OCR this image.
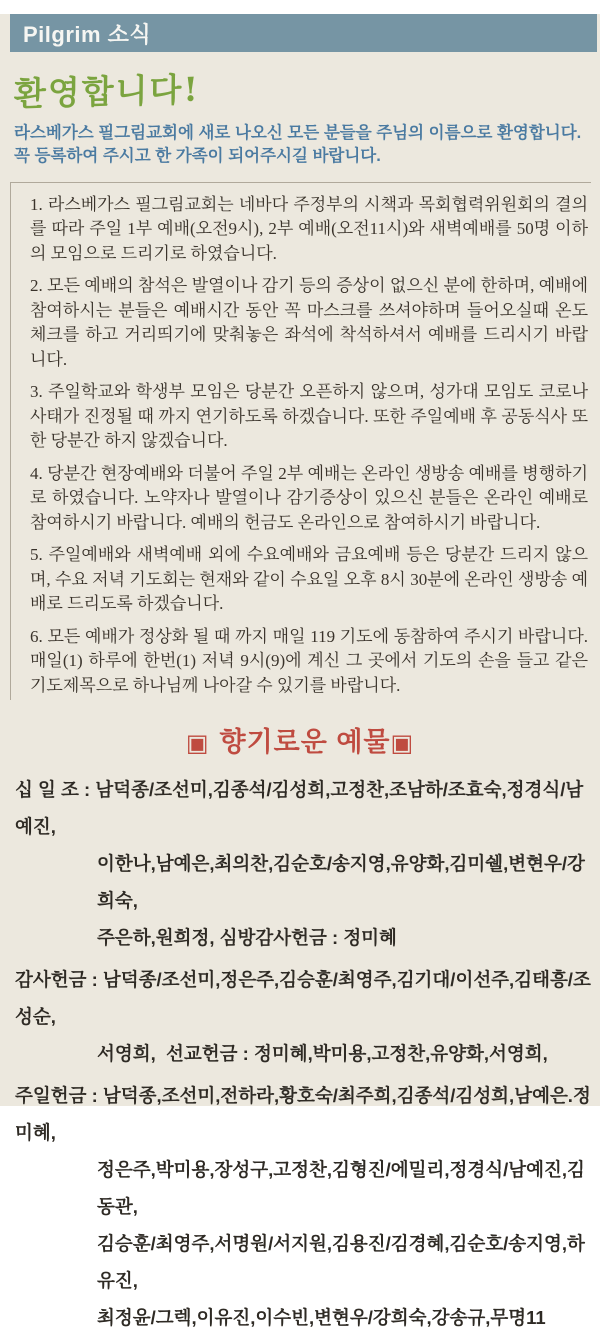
Pilgrim 소식
환영합니다!
라스베가스 필그림교회에 새로 나오신 모든 분들을 주님의 이름으로 환영합니다.
꼭 등록하여 주시고 한 가족이 되어주시길 바랍니다.

1. 라스베가스 필그림교회는 네바다 주정부의 시책과 목회협력위원회의 결의를 따라 주일 1부 예배(오전9시), 2부 예배(오전11시)와 새벽예배를 50명 이하의 모임으로 드리기로 하였습니다.

2. 모든 예배의 참석은 발열이나 감기 등의 증상이 없으신 분에 한하며, 예배에 참여하시는 분들은 예배시간 동안 꼭 마스크를 쓰셔야하며 들어오실때 온도체크를 하고 거리띄기에 맞춰놓은 좌석에 착석하셔서 예배를 드리시기 바랍니다.

3. 주일학교와 학생부 모임은 당분간 오픈하지 않으며, 성가대 모임도 코로나 사태가 진정될 때 까지 연기하도록 하겠습니다. 또한 주일예배 후 공동식사 또한 당분간 하지 않겠습니다.

4. 당분간 현장예배와 더불어 주일 2부 예배는 온라인 생방송 예배를 병행하기로 하였습니다. 노약자나 발열이나 감기증상이 있으신 분들은 온라인 예배로 참여하시기 바랍니다. 예배의 헌금도 온라인으로 참여하시기 바랍니다.

5. 주일예배와 새벽예배 외에 수요예배와 금요예배 등은 당분간 드리지 않으며, 수요 저녁 기도회는 현재와 같이 수요일 오후 8시 30분에 온라인 생방송 예배로 드리도록 하겠습니다.

6. 모든 예배가 정상화 될 때 까지 매일 119 기도에 동참하여 주시기 바랍니다. 매일(1) 하루에 한번(1) 저녁 9시(9)에 계신 그 곳에서 기도의 손을 들고 같은 기도제목으로 하나님께 나아갈 수 있기를 바랍니다.

▣ 향기로운 예물▣
십 일 조 : 남덕종/조선미,김종석/김성희,고정찬,조남하/조효숙,정경식/남예진,
이한나,남예은,최의찬,김순호/송지영,유양화,김미쉘,변현우/강희숙,
주은하,원희정, 심방감사헌금 : 정미혜
감사헌금 : 남덕종/조선미,정은주,김승훈/최영주,김기대/이선주,김태흥/조성순,
서영희,  선교헌금 : 정미혜,박미용,고정찬,유양화,서영희,
주일헌금 : 남덕종,조선미,전하라,황호숙/최주희,김종석/김성희,남예은.정미혜,
정은주,박미용,장성구,고정찬,김형진/에밀리,정경식/남예진,김동관,
김승훈/최영주,서명원/서지원,김용진/김경혜,김순호/송지영,하유진,
최정윤/그렉,이유진,이수빈,변현우/강희숙,강송규,무명11
